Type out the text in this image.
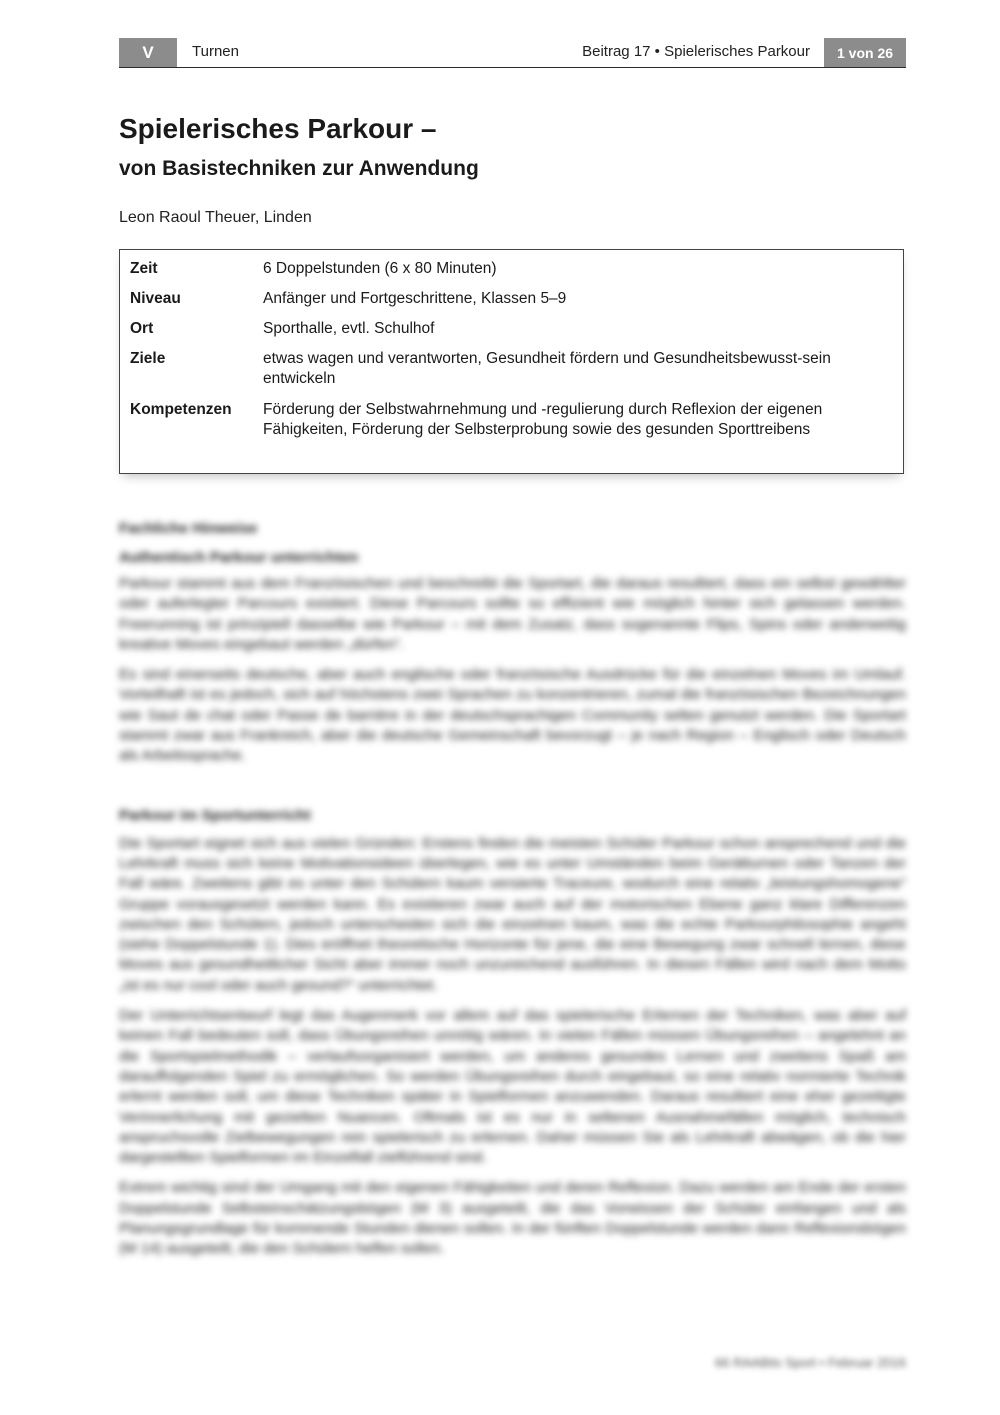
V	Turnen	Beitrag 17 • Spielerisches Parkour	1 von 26
Spielerisches Parkour –
von Basistechniken zur Anwendung
Leon Raoul Theuer, Linden
Zeit	6 Doppelstunden (6 x 80 Minuten)
Niveau	Anfänger und Fortgeschrittene, Klassen 5–9
Ort	Sporthalle, evtl. Schulhof
Ziele	etwas wagen und verantworten, Gesundheit fördern und Gesundheitsbewusst-sein entwickeln
Kompetenzen Förderung der Selbstwahrnehmung und -regulierung durch Reflexion der eigenen Fähigkeiten, Förderung der Selbsterprobung sowie des gesunden Sporttreibens

Fachliche Hinweise

Authentisch Parkour unterrichten

Parkour stammt aus dem Französischen und beschreibt die Sportart, die daraus resultiert, dass ein selbst gewählter oder auferlegter Parcours existiert. Diese Parcours sollte so effizient wie möglich hinter sich gelassen werden. Freerunning ist prinzipiell dasselbe wie Parkour – mit dem Zusatz, dass sogenannte Flips, Spins oder anderweitig kreative Moves eingebaut werden „dürfen“.

Es sind einerseits deutsche, aber auch englische oder französische Ausdrücke für die einzelnen Moves im Umlauf. Vorteilhaft ist es jedoch, sich auf höchstens zwei Sprachen zu konzentrieren, zumal die französischen Bezeichnungen wie Saut de chat oder Passe de barrière in der deutschsprachigen Community selten genutzt werden. Die Sportart stammt zwar aus Frankreich, aber die deutsche Gemeinschaft bevorzugt – je nach Region – Englisch oder Deutsch als Arbeitssprache.

Parkour im Sportunterricht

Die Sportart eignet sich aus vielen Gründen: Erstens finden die meisten Schüler Parkour schon ansprechend und die Lehrkraft muss sich keine Motivationsideen überlegen, wie es unter Umständen beim Gerätturnen oder Tanzen der Fall wäre. Zweitens gibt es unter den Schülern kaum versierte Traceure, wodurch eine relativ „leistungshomogene“ Gruppe vorausgesetzt werden kann. Es existieren zwar auch auf der motorischen Ebene ganz klare Differenzen zwischen den Schülern, jedoch unterscheiden sich die einzelnen kaum, was die echte Parkourphilosophie angeht (siehe Doppelstunde 1). Dies eröffnet theoretische Horizonte für jene, die eine Bewegung zwar schnell lernen, diese Moves aus gesundheitlicher Sicht aber immer noch unzureichend ausführen. In diesen Fällen wird nach dem Motto „ist es nur cool oder auch gesund?“ unterrichtet.

Der Unterrichtsentwurf legt das Augenmerk vor allem auf das spielerische Erlernen der Techniken, was aber auf keinen Fall bedeuten soll, dass Übungsreihen unnötig wären. In vielen Fällen müssen Übungsreihen – angelehnt an die Sportspielmethodik – verlaufsorganisiert werden, um anderes gesundes Lernen und zweitens Spaß am darauffolgenden Spiel zu ermöglichen. So werden Übungsreihen durch eingebaut, so eine relativ normierte Technik erlernt werden soll, um diese Techniken später in Spielformen anzuwenden. Daraus resultiert eine eher gezeitigte Verinnerlichung mit gezielten Nuancen. Oftmals ist es nur in seltenen Ausnahmefällen möglich, technisch anspruchsvolle Zielbewegungen rein spielerisch zu erlernen. Daher müssen Sie als Lehrkraft abwägen, ob die hier dargestellten Spielformen im Einzelfall zielführend sind.

Extrem wichtig sind der Umgang mit den eigenen Fähigkeiten und deren Reflexion. Dazu werden am Ende der ersten Doppelstunde Selbsteinschätzungsbögen (M 3) ausgeteilt, die das Vorwissen der Schüler einfangen und als Planungsgrundlage für kommende Stunden dienen sollen. In der fünften Doppelstunde werden dann Reflexionsbögen (M 14) ausgeteilt, die den Schülern helfen sollen.

66 RAABits Sport • Februar 2016
